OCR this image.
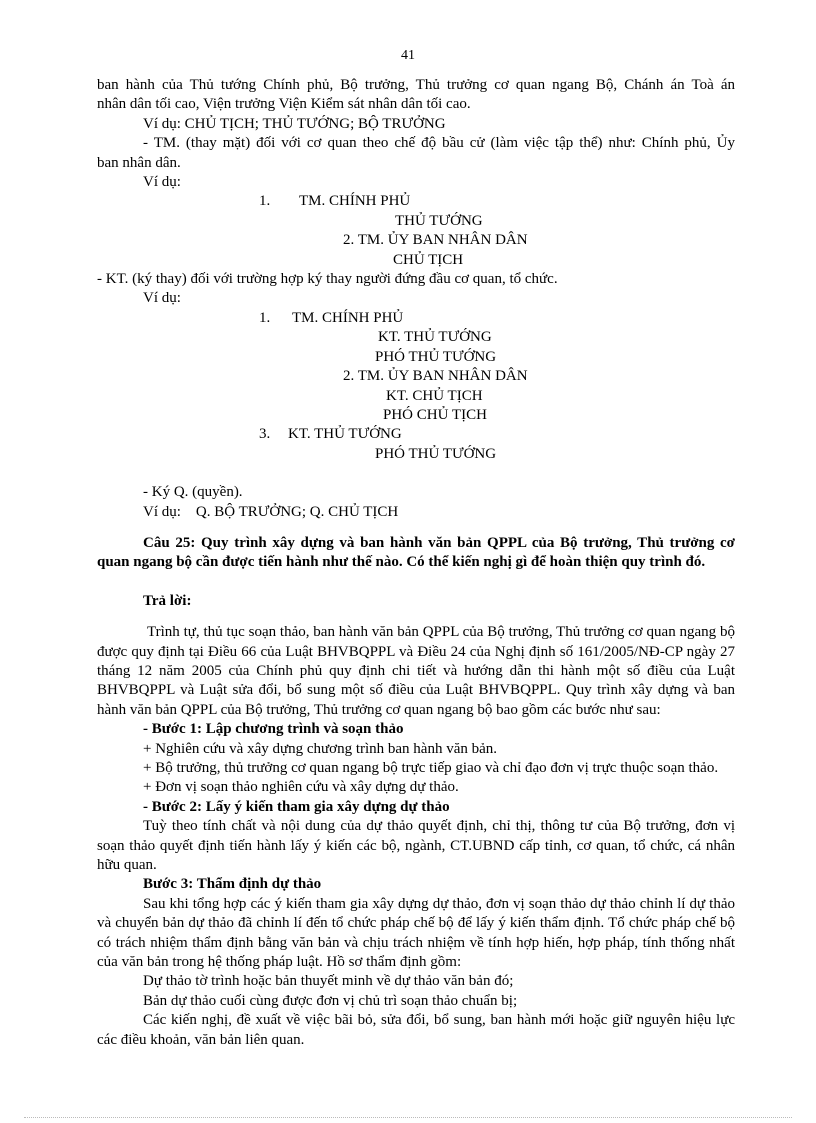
41

ban hành của Thủ tướng Chính phủ, Bộ trưởng, Thủ trưởng cơ quan ngang Bộ, Chánh án Toà án

nhân dân tối cao, Viện trưởng Viện Kiểm sát nhân dân tối cao.

Ví dụ: CHỦ TỊCH; THỦ TƯỚNG; BỘ TRƯỞNG

- TM. (thay mặt) đối với cơ quan theo chế độ bầu cử (làm việc tập thể) như: Chính phủ, Ủy

ban nhân dân.

Ví dụ:

1. TM. CHÍNH PHỦ

THỦ TƯỚNG

2. TM. ỦY BAN NHÂN DÂN

CHỦ TỊCH

- KT. (ký thay) đối với trường hợp ký thay người đứng đầu cơ quan, tổ chức.

Ví dụ:

1. TM. CHÍNH PHỦ

KT. THỦ TƯỚNG

PHÓ THỦ TƯỚNG

2. TM. ỦY BAN NHÂN DÂN

KT. CHỦ TỊCH

PHÓ CHỦ TỊCH

3. KT. THỦ TƯỚNG

PHÓ THỦ TƯỚNG

- Ký Q. (quyền).

Ví dụ:    Q. BỘ TRƯỞNG; Q. CHỦ TỊCH

Câu 25: Quy trình xây dựng và ban hành văn bản QPPL của Bộ trưởng, Thủ trưởng cơ quan ngang bộ cần được tiến hành như thế nào. Có thể kiến nghị gì để hoàn thiện quy trình đó.

Trả lời:

Trình tự, thủ tục soạn thảo, ban hành văn bản QPPL của Bộ trưởng, Thủ trưởng cơ quan ngang bộ được quy định tại Điều 66 của Luật BHVBQPPL và Điều 24 của Nghị định số 161/2005/NĐ-CP ngày 27 tháng 12 năm 2005 của Chính phủ quy định chi tiết và hướng dẫn thi hành một số điều của Luật BHVBQPPL và Luật sửa đổi, bổ sung một số điều của Luật BHVBQPPL. Quy trình xây dựng và ban hành văn bản QPPL của Bộ trưởng, Thủ trưởng cơ quan ngang bộ bao gồm các bước như sau:

- Bước 1: Lập chương trình và soạn thảo

+ Nghiên cứu và xây dựng chương trình ban hành văn bản.

+ Bộ trưởng, thủ trưởng cơ quan ngang bộ trực tiếp giao và chỉ đạo đơn vị trực thuộc soạn thảo.

+ Đơn vị soạn thảo nghiên cứu và xây dựng dự thảo.

- Bước 2: Lấy ý kiến tham gia xây dựng dự thảo

Tuỳ theo tính chất và nội dung của dự thảo quyết định, chỉ thị, thông tư của Bộ trưởng, đơn vị soạn thảo quyết định tiến hành lấy ý kiến các bộ, ngành, CT.UBND cấp tỉnh, cơ quan, tổ chức, cá nhân hữu quan.

Bước 3: Thẩm định dự thảo

Sau khi tổng hợp các ý kiến tham gia xây dựng dự thảo, đơn vị soạn thảo dự thảo chỉnh lí dự thảo và chuyển bản dự thảo đã chỉnh lí đến tổ chức pháp chế bộ để lấy ý kiến thẩm định. Tổ chức pháp chế bộ có trách nhiệm thẩm định bằng văn bản và chịu trách nhiệm về tính hợp hiến, hợp pháp, tính thống nhất của văn bản trong hệ thống pháp luật. Hồ sơ thẩm định gồm:

Dự thảo tờ trình hoặc bản thuyết minh về dự thảo văn bản đó;

Bản dự thảo cuối cùng được đơn vị chủ trì soạn thảo chuẩn bị;

Các kiến nghị, đề xuất về việc bãi bỏ, sửa đổi, bổ sung, ban hành mới hoặc giữ nguyên hiệu lực các điều khoản, văn bản liên quan.
